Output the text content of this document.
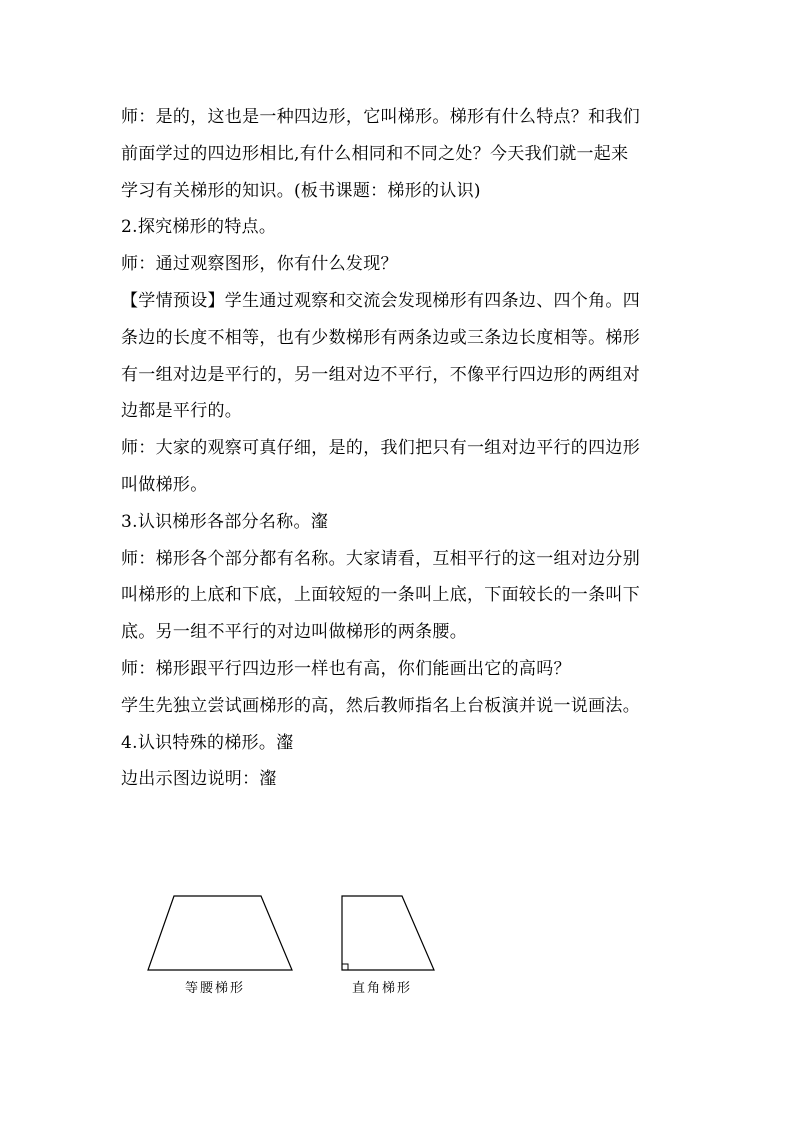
师：是的，这也是一种四边形，它叫梯形。梯形有什么特点？和我们
前面学过的四边形相比,有什么相同和不同之处？今天我们就一起来
学习有关梯形的知识。(板书课题：梯形的认识)
2.探究梯形的特点。
师：通过观察图形，你有什么发现？
【学情预设】学生通过观察和交流会发现梯形有四条边、四个角。四
条边的长度不相等，也有少数梯形有两条边或三条边长度相等。梯形
有一组对边是平行的，另一组对边不平行，不像平行四边形的两组对
边都是平行的。
师：大家的观察可真仔细，是的，我们把只有一组对边平行的四边形
叫做梯形。
3.认识梯形各部分名称。瀣
师：梯形各个部分都有名称。大家请看，互相平行的这一组对边分别
叫梯形的上底和下底，上面较短的一条叫上底，下面较长的一条叫下
底。另一组不平行的对边叫做梯形的两条腰。
师：梯形跟平行四边形一样也有高，你们能画出它的高吗？
学生先独立尝试画梯形的高，然后教师指名上台板演并说一说画法。
4.认识特殊的梯形。瀣
边出示图边说明：瀣
等腰梯形	直角梯形
